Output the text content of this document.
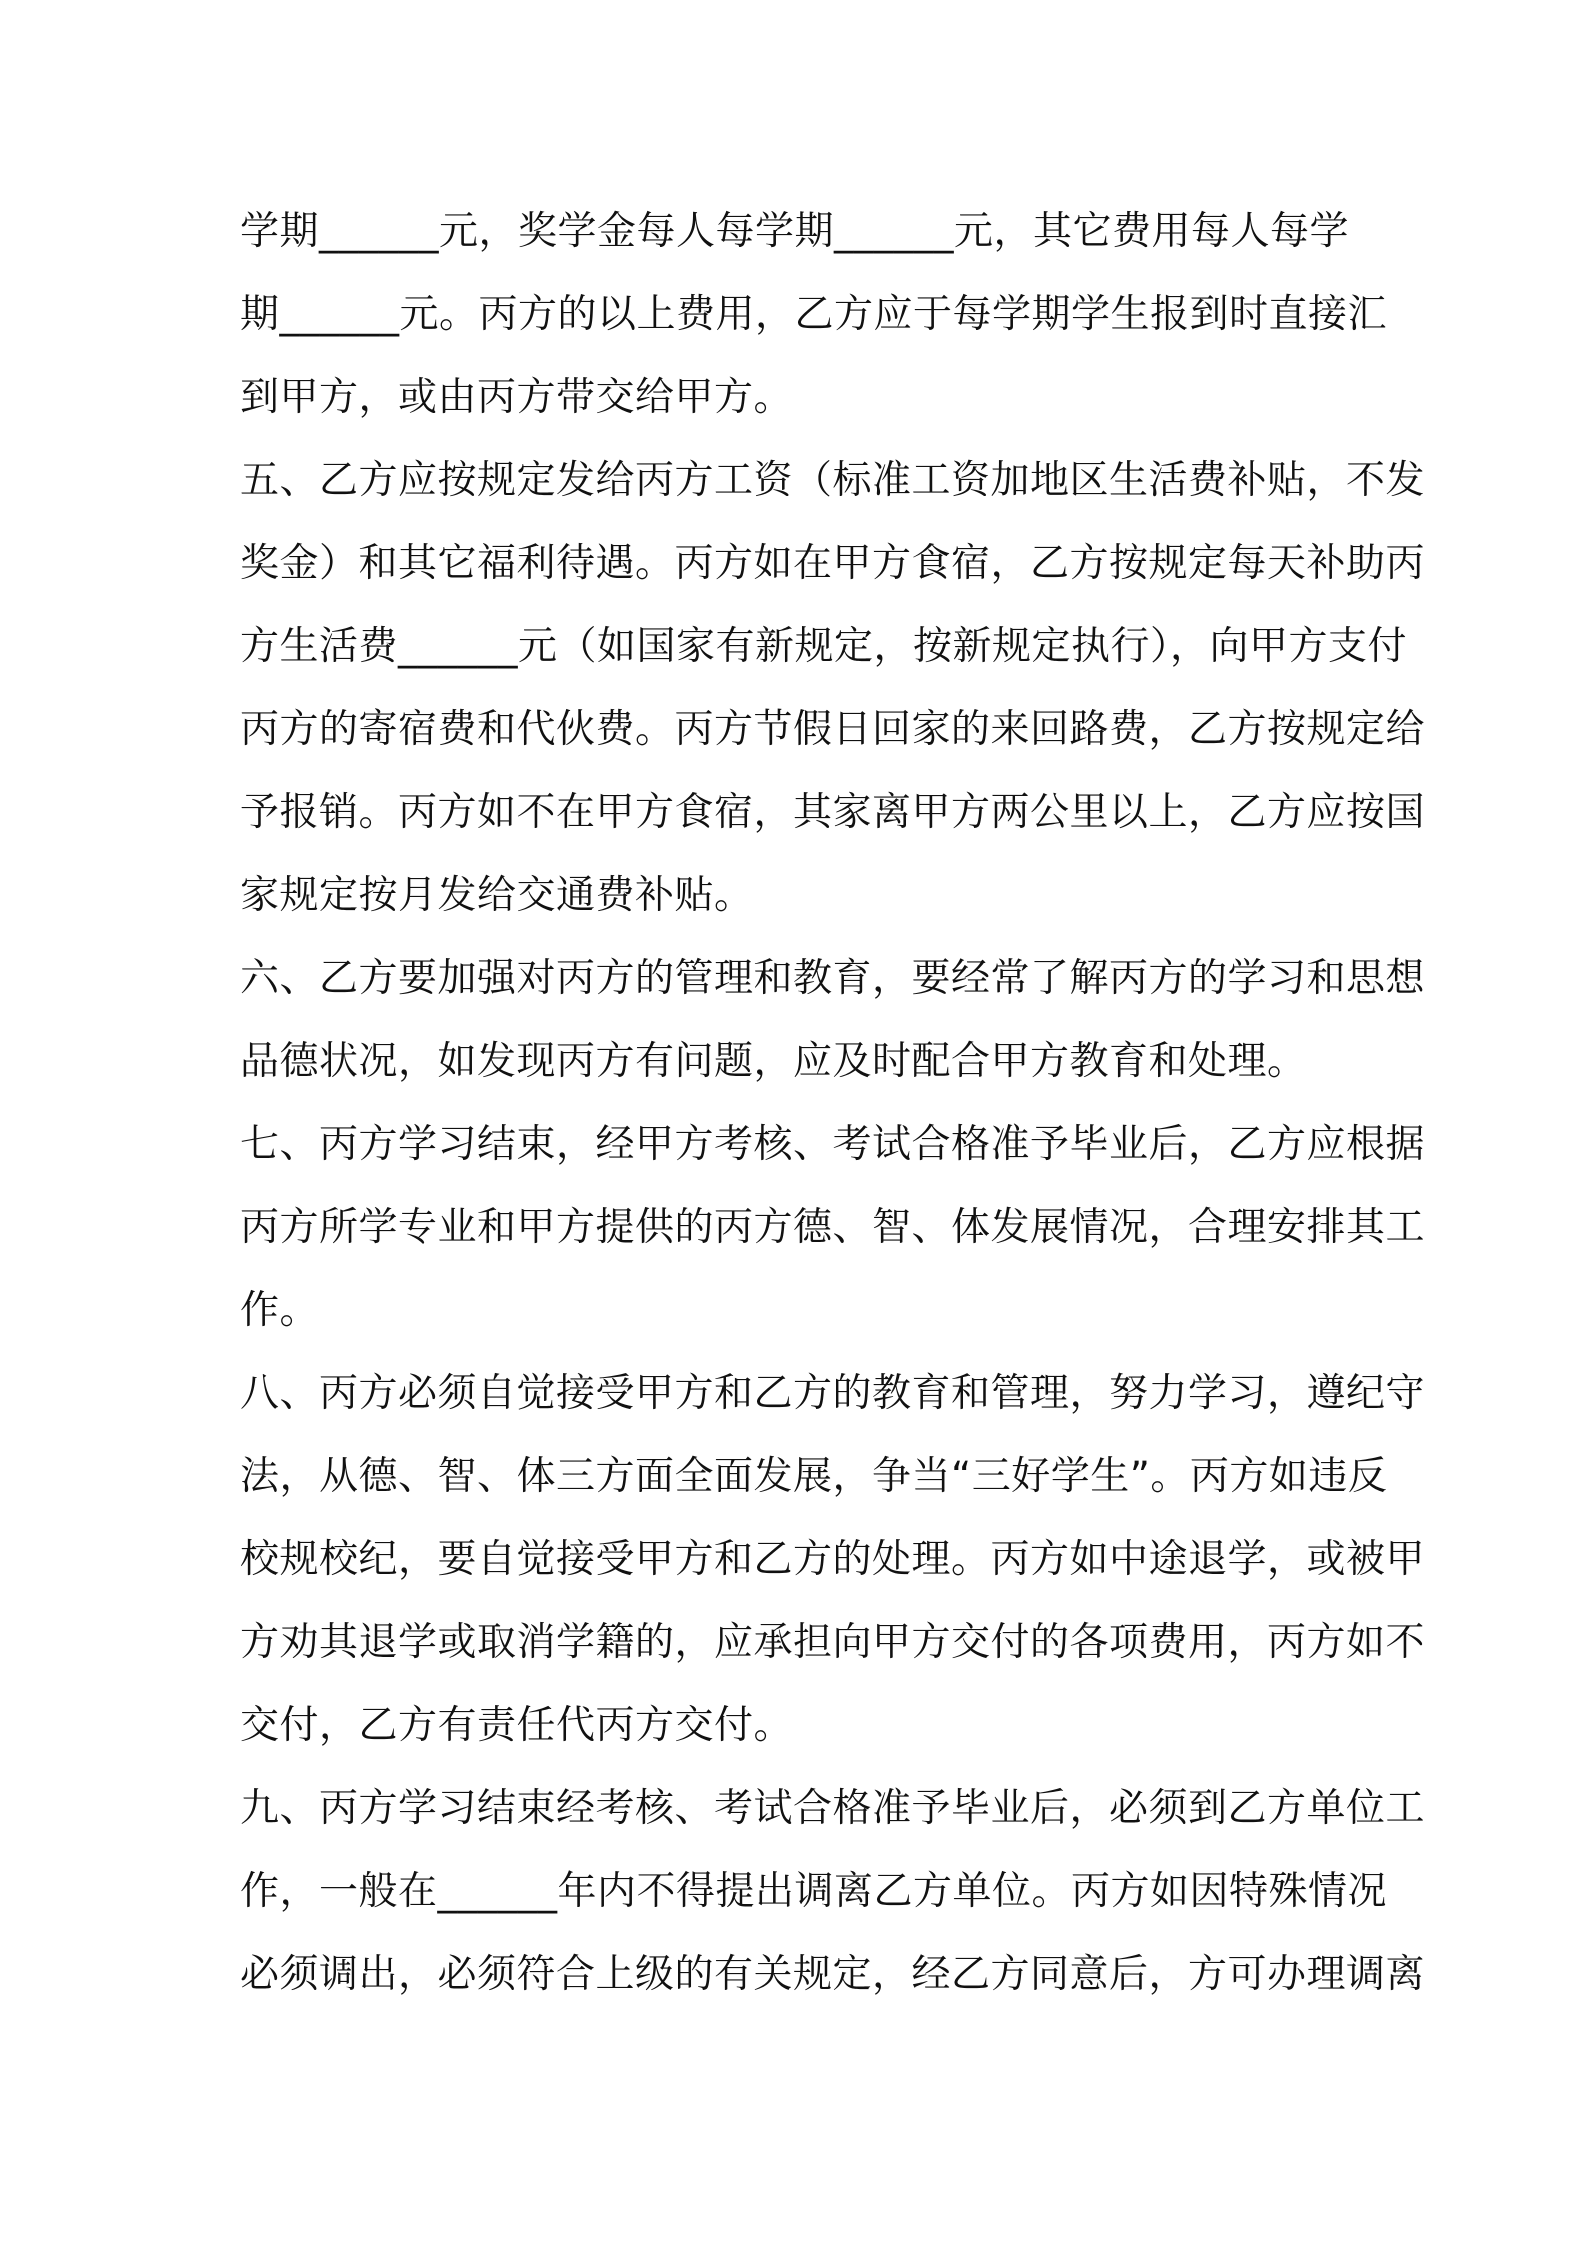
学期______元，奖学金每人每学期______元，其它费用每人每学
期______元。丙方的以上费用，乙方应于每学期学生报到时直接汇
到甲方，或由丙方带交给甲方。
五、乙方应按规定发给丙方工资（标准工资加地区生活费补贴，不发
奖金）和其它福利待遇。丙方如在甲方食宿，乙方按规定每天补助丙
方生活费______元（如国家有新规定，按新规定执行），向甲方支付
丙方的寄宿费和代伙费。丙方节假日回家的来回路费，乙方按规定给
予报销。丙方如不在甲方食宿，其家离甲方两公里以上，乙方应按国
家规定按月发给交通费补贴。
六、乙方要加强对丙方的管理和教育，要经常了解丙方的学习和思想
品德状况，如发现丙方有问题，应及时配合甲方教育和处理。
七、丙方学习结束，经甲方考核、考试合格准予毕业后，乙方应根据
丙方所学专业和甲方提供的丙方德、智、体发展情况，合理安排其工
作。
八、丙方必须自觉接受甲方和乙方的教育和管理，努力学习，遵纪守
法，从德、智、体三方面全面发展，争当“三好学生”。丙方如违反
校规校纪，要自觉接受甲方和乙方的处理。丙方如中途退学，或被甲
方劝其退学或取消学籍的，应承担向甲方交付的各项费用，丙方如不
交付，乙方有责任代丙方交付。
九、丙方学习结束经考核、考试合格准予毕业后，必须到乙方单位工
作，一般在______年内不得提出调离乙方单位。丙方如因特殊情况
必须调出，必须符合上级的有关规定，经乙方同意后，方可办理调离
